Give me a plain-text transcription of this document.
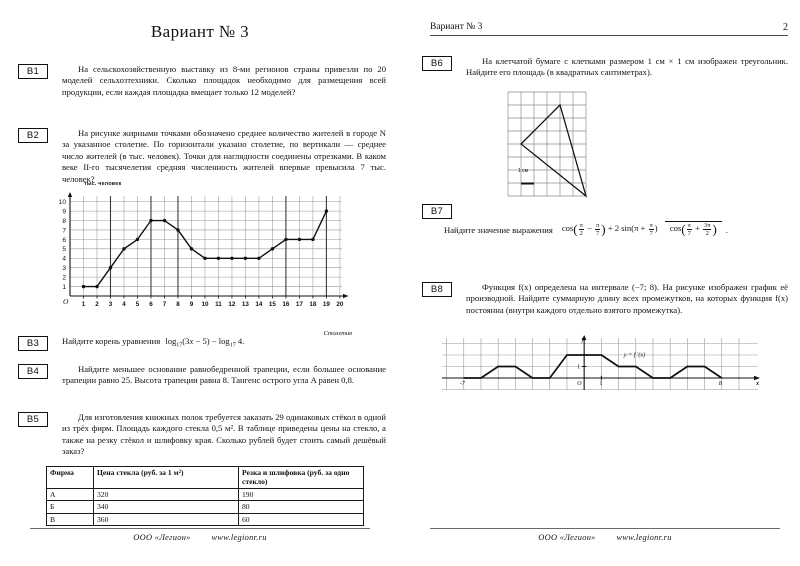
Вариант № 3
B1	На сельскохозяйственную выставку из 8-ми регионов страны привезли по 20 моделей сельхозтехники. Сколько площадок необходимо для размещения всей продукции, если каждая площадка вмещает только 12 моделей?
B2	На рисунке жирными точками обозначено среднее количество жителей в городе N за указанное столетие. По горизонтали указано столетие, по вертикали — среднее число жителей (в тыс. человек). Точки для наглядности соединены отрезками. В каком веке II-го тысячелетия средняя численность жителей впервые превысила 7 тыс. человек?
тыс. человек
1
2
3
4
5
6
7
8
9
10
1 2 3 4 5 6 7 8 9 10 11 12 13 14 15 16 17 18 19 20
O
Столетия
B3	Найдите корень уравнения $\log_{17}(3x - 5) - \log_{17} 4$.
B4	Найдите меньшее основание равнобедренной трапеции, если большее основание трапеции равно 25. Высота трапеции равна 8. Тангенс острого угла A равен 0,8.
B5	Для изготовления книжных полок требуется заказать 29 одинаковых стёкол в одной из трёх фирм. Площадь каждого стекла 0,5 м². В таблице приведены цены на стекло, а также на резку стёкол и шлифовку края. Сколько рублей будет стоить самый дешёвый заказ?
Фирма	Цена стекла (руб. за 1 м²)	Резка и шлифовка (руб. за одно стекло)
А	320	190
Б	340	80
В	360	60
ООО «Легион» www.legionr.ru
Вариант № 3	2
B6	На клетчатой бумаге с клетками размером 1 см × 1 см изображен треугольник. Найдите его площадь (в квадратных сантиметрах).
1 см
B7
Найдите значение выражения	$\cos( \frac{\pi}{2} - \frac{\pi}{7}$ ) + 2 $\sin(\pi + \frac{\pi}{7}$ ) $\cos( \frac{\pi}{7} + \frac{3\pi}{2}$ )	.
B8	Функция f(x) определена на интервале (−7; 8). На рисунке изображен график её производной. Найдите суммарную длину всех промежутков, на которых функция f(x) постоянна (внутри каждого отдельно взятого промежутка).
-7	O	1	8
y
x
1
y = f ′(x)
ООО «Легион» www.legionr.ru
